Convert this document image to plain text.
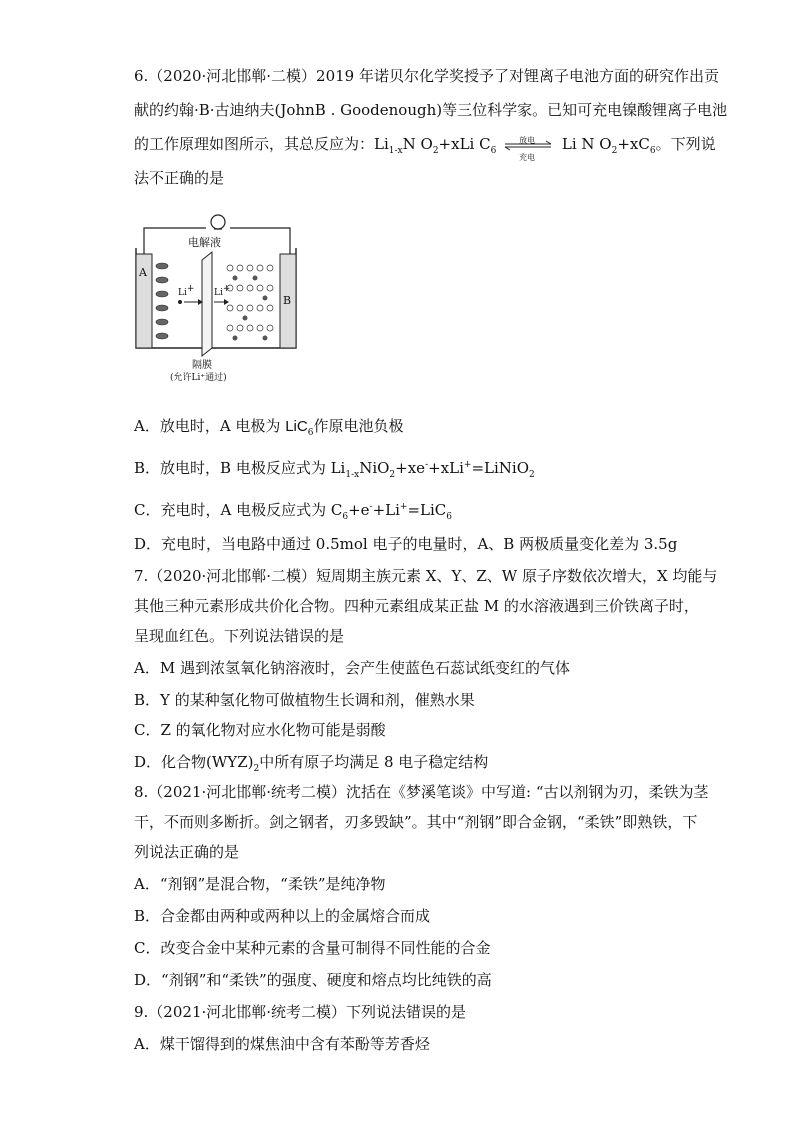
6.（2020·河北邯郸·二模）2019 年诺贝尔化学奖授予了对锂离子电池方面的研究作出贡
献的约翰·B·古迪纳夫(JohnB . Goodenough)等三位科学家。已知可充电镍酸锂离子电池
的工作原理如图所示，其总反应为：$Li_{1-x}N$ $O_2+xLi$ $C_6$
放电
充电
Li N $O_2+xC_6$。下列说
法不正确的是
电解液
A
B
Li+ Li+
隔膜
(允许Li⁺通过)
A．放电时，A 电极为 LiC$_6$作原电池负极
B．放电时，B 电极反应式为 $Li_{1-x}NiO_2+xe^-+xLi^+=LiNiO_2$
C．充电时，A 电极反应式为 $C_6+e^-+Li^+=LiC_6$
D．充电时，当电路中通过 0.5mol 电子的电量时，A、B 两极质量变化差为 3.5g
7.（2020·河北邯郸·二模）短周期主族元素 X、Y、Z、W 原子序数依次增大，X 均能与
其他三种元素形成共价化合物。四种元素组成某正盐 M 的水溶液遇到三价铁离子时，
呈现血红色。下列说法错误的是
A．M 遇到浓氢氧化钠溶液时，会产生使蓝色石蕊试纸变红的气体
B．Y 的某种氢化物可做植物生长调和剂，催熟水果
C．Z 的氧化物对应水化物可能是弱酸
D．化合物$(WYZ)_2$中所有原子均满足 8 电子稳定结构
8.（2021·河北邯郸·统考二模）沈括在《梦溪笔谈》中写道: “古以剂钢为刃，柔铁为茎
干，不而则多断折。剑之钢者，刃多毁缺”。其中“剂钢”即合金钢，“柔铁”即熟铁，下
列说法正确的是
A．“剂钢”是混合物，“柔铁”是纯净物
B．合金都由两种或两种以上的金属熔合而成
C．改变合金中某种元素的含量可制得不同性能的合金
D．“剂钢”和“柔铁”的强度、硬度和熔点均比纯铁的高
9.（2021·河北邯郸·统考二模）下列说法错误的是
A．煤干馏得到的煤焦油中含有苯酚等芳香烃
